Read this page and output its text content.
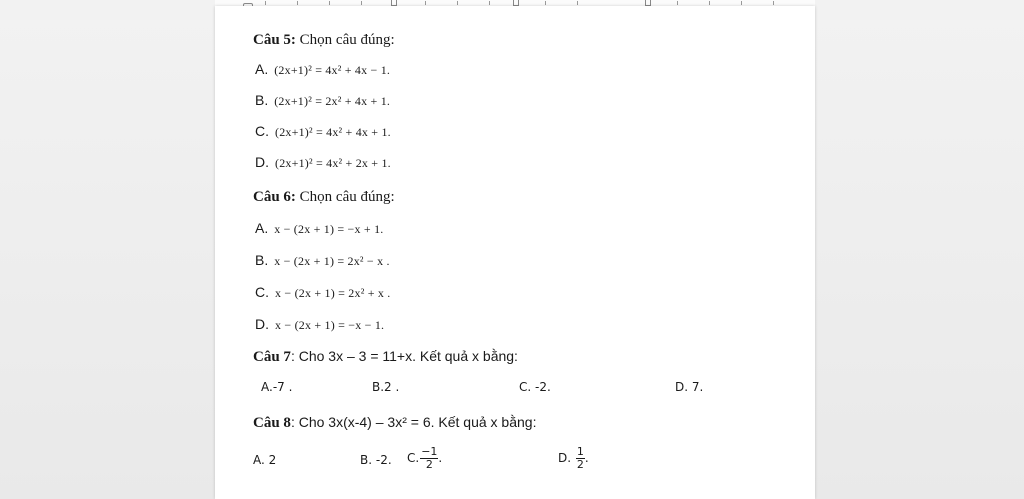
Câu 5: Chọn câu đúng:
A. (2x+1)² = 4x² + 4x − 1.
B. (2x+1)² = 2x² + 4x + 1.
C. (2x+1)² = 4x² + 4x + 1.
D. (2x+1)² = 4x² + 2x + 1.
Câu 6: Chọn câu đúng:
A. x − (2x + 1) = −x + 1.
B. x − (2x + 1) = 2x² − x .
C. x − (2x + 1) = 2x² + x .
D. x − (2x + 1) = −x − 1.
Câu 7: Cho 3x – 3 = 11+x. Kết quả x bằng:
A.-7 .	B.2 .	C. -2.	D. 7.
Câu 8: Cho 3x(x-4) – 3x² = 6. Kết quả x bằng:
A. 2	B. -2. C. $\frac{-1}{2}$ .	D. $\frac{1}{2}$ .
